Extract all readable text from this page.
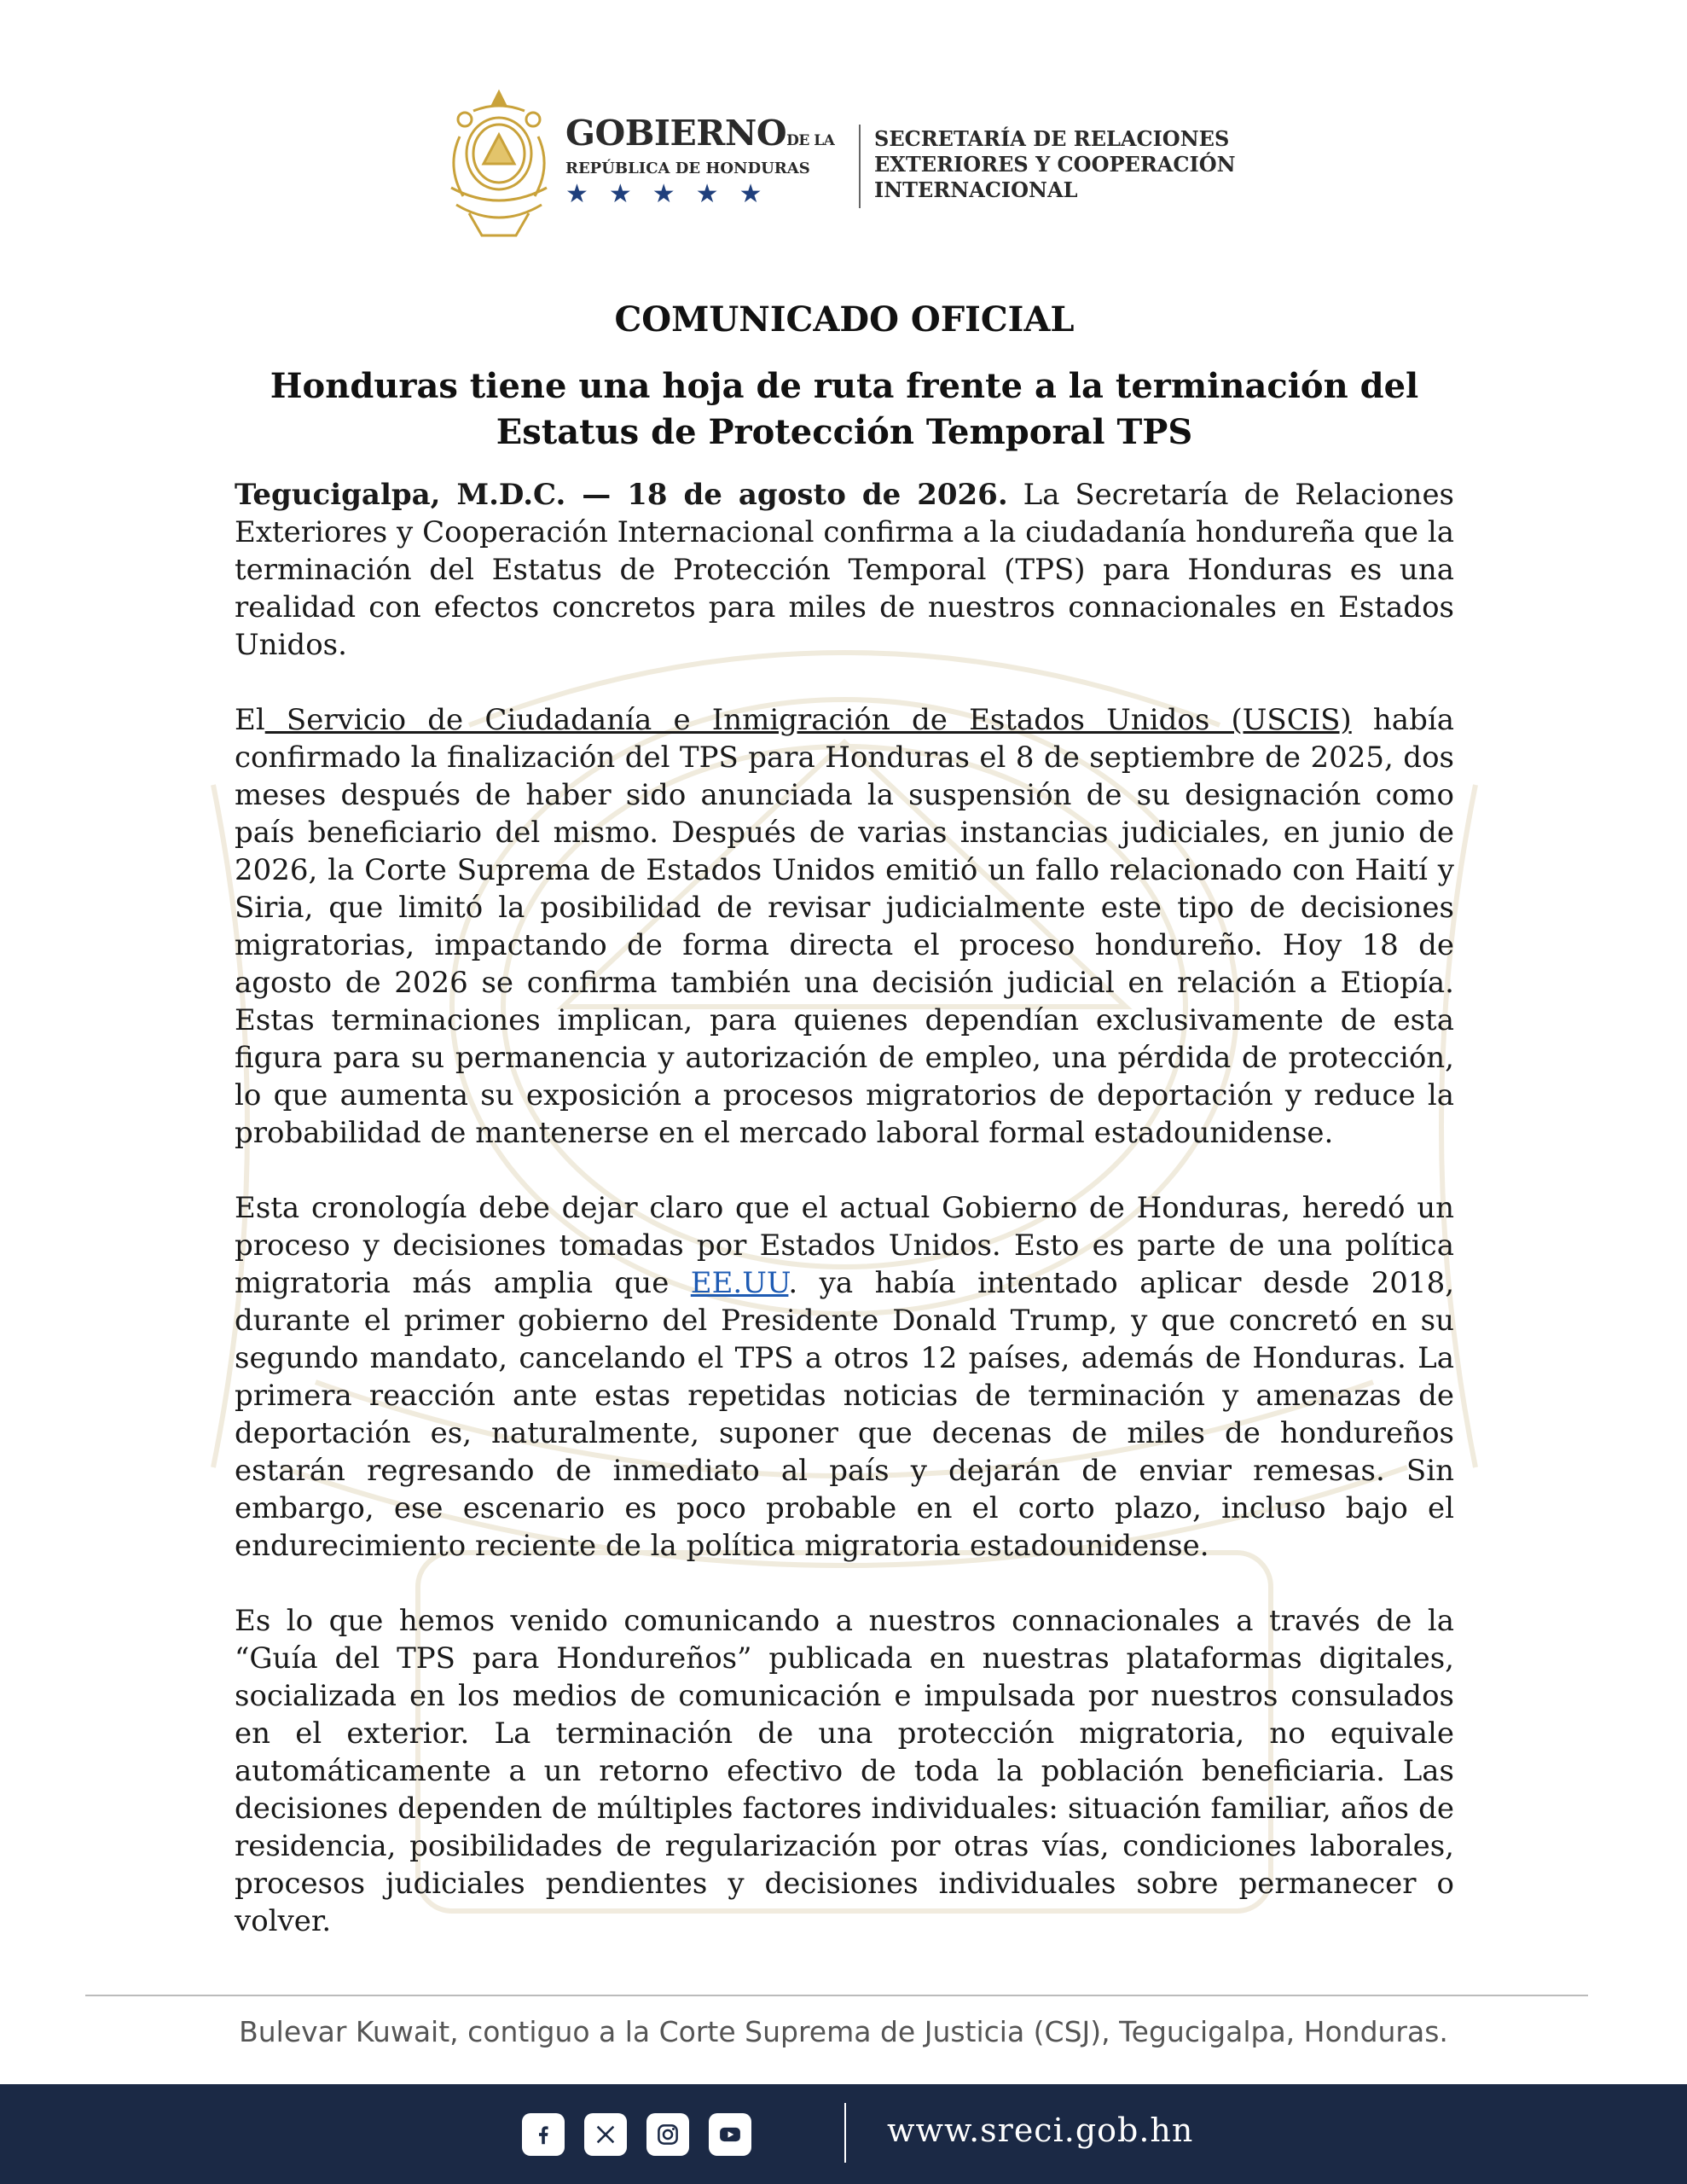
GOBIERNODE LA
REPÚBLICA DE HONDURAS
★★★★★
SECRETARÍA DE RELACIONES
EXTERIORES Y COOPERACIÓN
INTERNACIONAL
COMUNICADO OFICIAL
Honduras tiene una hoja de ruta frente a la terminación del
Estatus de Protección Temporal TPS

Tegucigalpa, M.D.C. — 18 de agosto de 2026. La Secretaría de Relaciones Exteriores y Cooperación Internacional confirma a la ciudadanía hondureña que la terminación del Estatus de Protección Temporal (TPS) para Honduras es una realidad con efectos concretos para miles de nuestros connacionales en Estados Unidos.

El Servicio de Ciudadanía e Inmigración de Estados Unidos (USCIS) había confirmado la finalización del TPS para Honduras el 8 de septiembre de 2025, dos meses después de haber sido anunciada la suspensión de su designación como país beneficiario del mismo. Después de varias instancias judiciales, en junio de 2026, la Corte Suprema de Estados Unidos emitió un fallo relacionado con Haití y Siria, que limitó la posibilidad de revisar judicialmente este tipo de decisiones migratorias, impactando de forma directa el proceso hondureño. Hoy 18 de agosto de 2026 se confirma también una decisión judicial en relación a Etiopía. Estas terminaciones implican, para quienes dependían exclusivamente de esta figura para su permanencia y autorización de empleo, una pérdida de protección, lo que aumenta su exposición a procesos migratorios de deportación y reduce la probabilidad de mantenerse en el mercado laboral formal estadounidense.

Esta cronología debe dejar claro que el actual Gobierno de Honduras, heredó un proceso y decisiones tomadas por Estados Unidos. Esto es parte de una política migratoria más amplia que EE.UU. ya había intentado aplicar desde 2018, durante el primer gobierno del Presidente Donald Trump, y que concretó en su segundo mandato, cancelando el TPS a otros 12 países, además de Honduras. La primera reacción ante estas repetidas noticias de terminación y amenazas de deportación es, naturalmente, suponer que decenas de miles de hondureños estarán regresando de inmediato al país y dejarán de enviar remesas. Sin embargo, ese escenario es poco probable en el corto plazo, incluso bajo el endurecimiento reciente de la política migratoria estadounidense.

Es lo que hemos venido comunicando a nuestros connacionales a través de la “Guía del TPS para Hondureños” publicada en nuestras plataformas digitales, socializada en los medios de comunicación e impulsada por nuestros consulados en el exterior. La terminación de una protección migratoria, no equivale automáticamente a un retorno efectivo de toda la población beneficiaria. Las decisiones dependen de múltiples factores individuales: situación familiar, años de residencia, posibilidades de regularización por otras vías, condiciones laborales, procesos judiciales pendientes y decisiones individuales sobre permanecer o volver.

Bulevar Kuwait, contiguo a la Corte Suprema de Justicia (CSJ), Tegucigalpa, Honduras.
www.sreci.gob.hn
